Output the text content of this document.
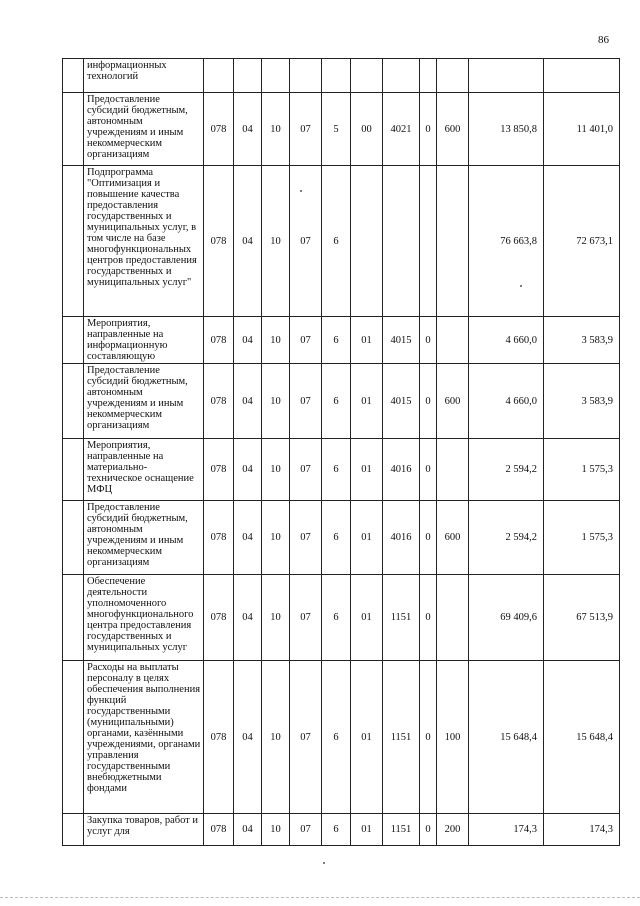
86
	информационных технологий											
	Предоставление субсидий бюджетным, автономным учреждениям и иным некоммерческим организациям	078	04	10	07	5	00	4021	0	600	13 850,8	11 401,0
	Подпрограмма "Оптимизация и повышение качества предоставления государственных и муниципальных услуг, в том числе на базе многофункциональных центров предоставления государственных и муниципальных услуг"	078	04	10	07	6					76 663,8	72 673,1
	Мероприятия, направленные на информационную составляющую	078	04	10	07	6	01	4015	0		4 660,0	3 583,9
	Предоставление субсидий бюджетным, автономным учреждениям и иным некоммерческим организациям	078	04	10	07	6	01	4015	0	600	4 660,0	3 583,9
	Мероприятия, направленные на материально-техническое оснащение МФЦ	078	04	10	07	6	01	4016	0		2 594,2	1 575,3
	Предоставление субсидий бюджетным, автономным учреждениям и иным некоммерческим организациям	078	04	10	07	6	01	4016	0	600	2 594,2	1 575,3
	Обеспечение деятельности уполномоченного многофункционального центра предоставления государственных и муниципальных услуг	078	04	10	07	6	01	1151	0		69 409,6	67 513,9
	Расходы на выплаты персоналу в целях обеспечения выполнения функций государственными (муниципальными) органами, казёнными учреждениями, органами управления государственными внебюджетными фондами	078	04	10	07	6	01	1151	0	100	15 648,4	15 648,4
	Закупка товаров, работ и услуг для	078	04	10	07	6	01	1151	0	200	174,3	174,3
